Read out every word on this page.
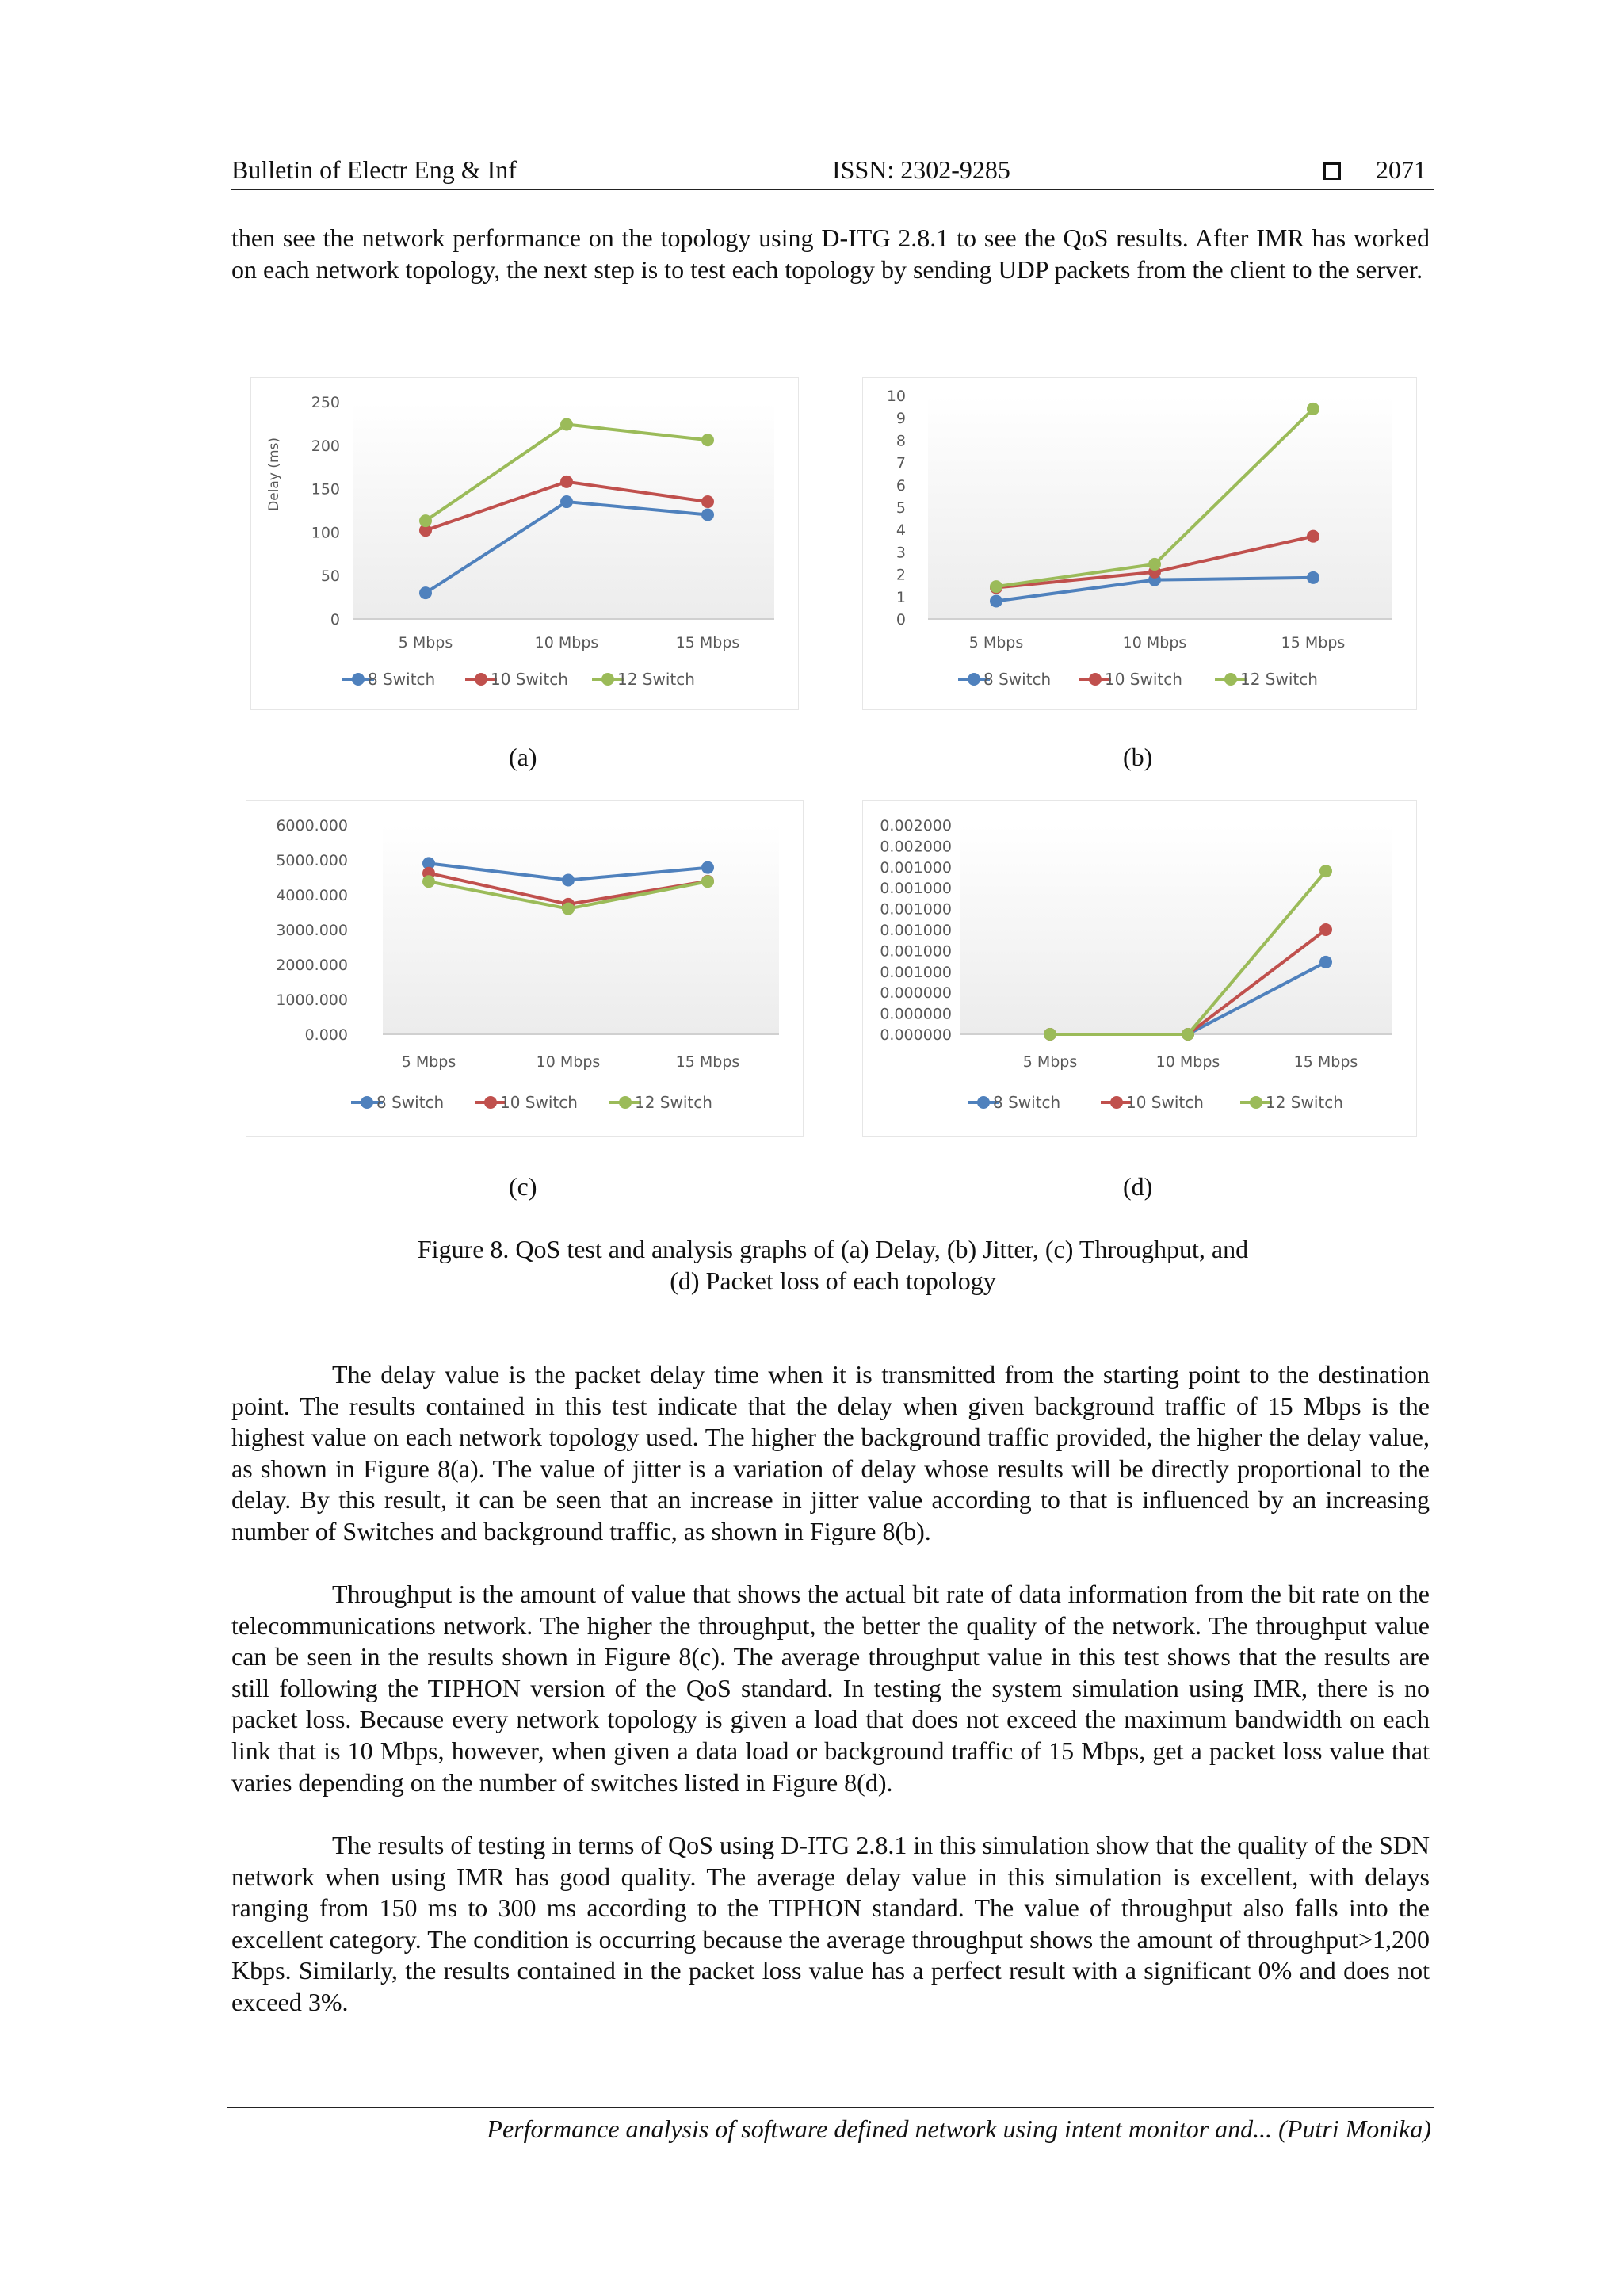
Bulletin of Electr Eng & Inf	ISSN: 2302-9285	2071
then see the network performance on the topology using D-ITG 2.8.1 to see the QoS results. After IMR has worked on each network topology, the next step is to test each topology by sending UDP packets from the client to the server.
0
50
100
150
200
250
5 Mbps	10 Mbps	15 Mbps
Delay (ms)
8 Switch	10 Switch	12 Switch
0
1
2
3
4
5
6
7
8
9
10
5 Mbps	10 Mbps	15 Mbps
8 Switch	10 Switch	12 Switch
0.000
1000.000
2000.000
3000.000
4000.000
5000.000
6000.000
5 Mbps	10 Mbps	15 Mbps
8 Switch	10 Switch	12 Switch
0.000000
0.000000
0.000000
0.001000
0.001000
0.001000
0.001000
0.001000
0.001000
0.002000
0.002000
5 Mbps	10 Mbps	15 Mbps
8 Switch	10 Switch	12 Switch
(a)	(b)
(c)	(d)
Figure 8. QoS test and analysis graphs of (a) Delay, (b) Jitter, (c) Throughput, and
(d) Packet loss of each topology
The delay value is the packet delay time when it is transmitted from the starting point to the destination point. The results contained in this test indicate that the delay when given background traffic of 15 Mbps is the highest value on each network topology used. The higher the background traffic provided, the higher the delay value, as shown in Figure 8(a). The value of jitter is a variation of delay whose results will be directly proportional to the delay. By this result, it can be seen that an increase in jitter value according to that is influenced by an increasing number of Switches and background traffic, as shown in Figure 8(b).
Throughput is the amount of value that shows the actual bit rate of data information from the bit rate on the telecommunications network. The higher the throughput, the better the quality of the network. The throughput value can be seen in the results shown in Figure 8(c). The average throughput value in this test shows that the results are still following the TIPHON version of the QoS standard. In testing the system simulation using IMR, there is no packet loss. Because every network topology is given a load that does not exceed the maximum bandwidth on each link that is 10 Mbps, however, when given a data load or background traffic of 15 Mbps, get a packet loss value that varies depending on the number of switches listed in Figure 8(d).
The results of testing in terms of QoS using D-ITG 2.8.1 in this simulation show that the quality of the SDN network when using IMR has good quality. The average delay value in this simulation is excellent, with delays ranging from 150 ms to 300 ms according to the TIPHON standard. The value of throughput also falls into the excellent category. The condition is occurring because the average throughput shows the amount of throughput>1,200 Kbps. Similarly, the results contained in the packet loss value has a perfect result with a significant 0% and does not exceed 3%.
Performance analysis of software defined network using intent monitor and... (Putri Monika)
